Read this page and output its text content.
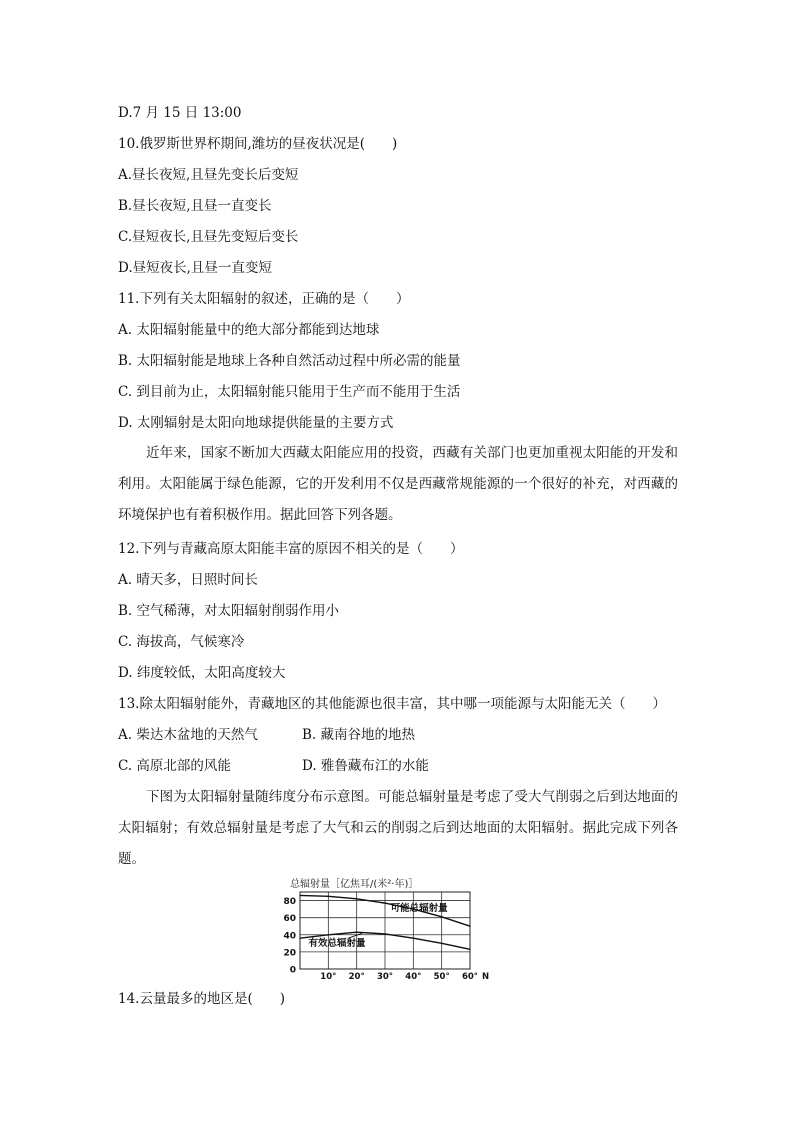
D.7 月 15 日 13:00
10.俄罗斯世界杯期间,潍坊的昼夜状况是(　　)
A.昼长夜短,且昼先变长后变短
B.昼长夜短,且昼一直变长
C.昼短夜长,且昼先变短后变长
D.昼短夜长,且昼一直变短
11.下列有关太阳辐射的叙述，正确的是（　　）
A. 太阳辐射能量中的绝大部分都能到达地球
B. 太阳辐射能是地球上各种自然活动过程中所必需的能量
C. 到目前为止，太阳辐射能只能用于生产而不能用于生活
D. 太刚辐射是太阳向地球提供能量的主要方式
近年来，国家不断加大西藏太阳能应用的投资，西藏有关部门也更加重视太阳能的开发和利用。太阳能属于绿色能源，它的开发利用不仅是西藏常规能源的一个很好的补充，对西藏的环境保护也有着积极作用。据此回答下列各题。
12.下列与青藏高原太阳能丰富的原因不相关的是（　　）
A. 晴天多，日照时间长
B. 空气稀薄，对太阳辐射削弱作用小
C. 海拔高，气候寒冷
D. 纬度较低，太阳高度较大
13.除太阳辐射能外，青藏地区的其他能源也很丰富，其中哪一项能源与太阳能无关（　　）
A. 柴达木盆地的天然气	B. 藏南谷地的地热
C. 高原北部的风能	D. 雅鲁藏布江的水能
下图为太阳辐射量随纬度分布示意图。可能总辐射量是考虑了受大气削弱之后到达地面的太阳辐射；有效总辐射量是考虑了大气和云的削弱之后到达地面的太阳辐射。据此完成下列各题。
总辐射量［亿焦耳/(米²·年)］
可能总辐射量
有效总辐射量
0
20
40
60
80
10° 20° 30° 40° 50° 60° N
14.云量最多的地区是(　　)
